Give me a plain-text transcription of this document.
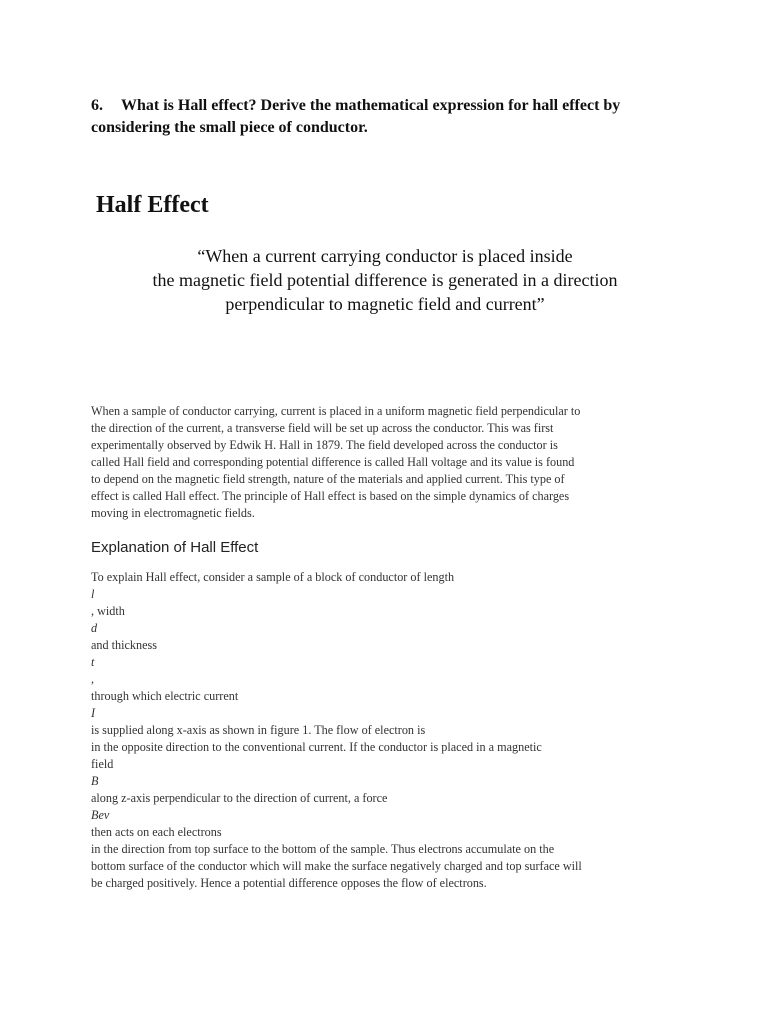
6. What is Hall effect? Derive the mathematical expression for hall effect by considering the small piece of conductor.
Half Effect
“When a current carrying conductor is placed inside
the magnetic field potential difference is generated in a direction
perpendicular to magnetic field and current”
When a sample of conductor carrying, current is placed in a uniform magnetic field perpendicular to
the direction of the current, a transverse field will be set up across the conductor. This was first
experimentally observed by Edwik H. Hall in 1879. The field developed across the conductor is
called Hall field and corresponding potential difference is called Hall voltage and its value is found
to depend on the magnetic field strength, nature of the materials and applied current. This type of
effect is called Hall effect. The principle of Hall effect is based on the simple dynamics of charges
moving in electromagnetic fields.
Explanation of Hall Effect
To explain Hall effect, consider a sample of a block of conductor of length
l
, width
d
and thickness
t
,
through which electric current
I
is supplied along x-axis as shown in figure 1. The flow of electron is
in the opposite direction to the conventional current. If the conductor is placed in a magnetic
field
B
along z-axis perpendicular to the direction of current, a force
Bev
then acts on each electrons
in the direction from top surface to the bottom of the sample. Thus electrons accumulate on the
bottom surface of the conductor which will make the surface negatively charged and top surface will
be charged positively. Hence a potential difference opposes the flow of electrons.
